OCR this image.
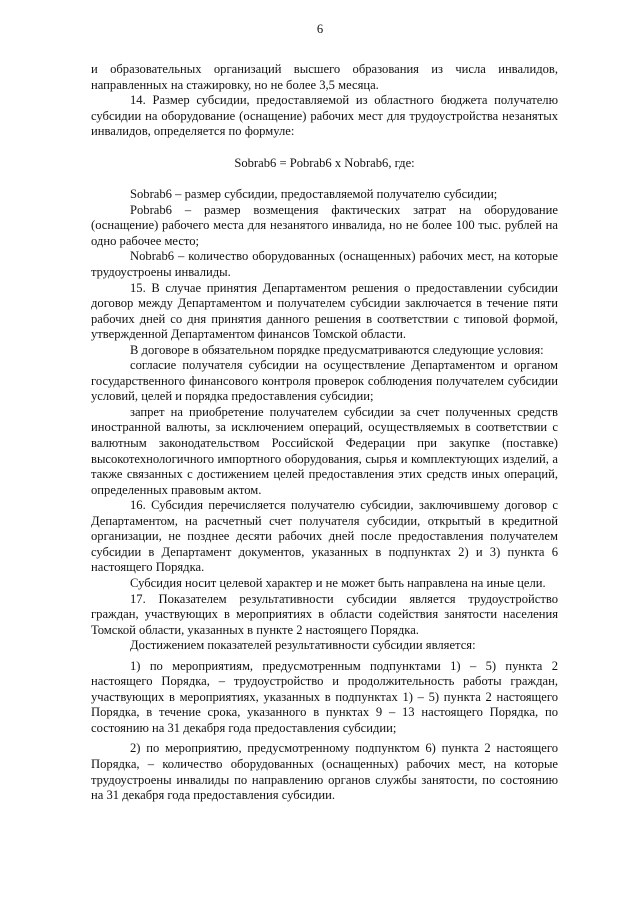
6

и образовательных организаций высшего образования из числа инвалидов, направленных на стажировку, но не более 3,5 месяца.

14. Размер субсидии, предоставляемой из областного бюджета получателю субсидии на оборудование (оснащение) рабочих мест для трудоустройства незанятых инвалидов, определяется по формуле:

Sobrab6 = Pobrab6 x Nobrab6, где:

Sobrab6 – размер субсидии, предоставляемой получателю субсидии;

Pobrab6 – размер возмещения фактических затрат на оборудование (оснащение) рабочего места для незанятого инвалида, но не более 100 тыс. рублей на одно рабочее место;

Nobrab6 – количество оборудованных (оснащенных) рабочих мест, на которые трудоустроены инвалиды.

15. В случае принятия Департаментом решения о предоставлении субсидии договор между Департаментом и получателем субсидии заключается в течение пяти рабочих дней со дня принятия данного решения в соответствии с типовой формой, утвержденной Департаментом финансов Томской области.

В договоре в обязательном порядке предусматриваются следующие условия:

согласие получателя субсидии на осуществление Департаментом и органом государственного финансового контроля проверок соблюдения получателем субсидии условий, целей и порядка предоставления субсидии;

запрет на приобретение получателем субсидии за счет полученных средств иностранной валюты, за исключением операций, осуществляемых в соответствии с валютным законодательством Российской Федерации при закупке (поставке) высокотехнологичного импортного оборудования, сырья и комплектующих изделий, а также связанных с достижением целей предоставления этих средств иных операций, определенных правовым актом.

16. Субсидия перечисляется получателю субсидии, заключившему договор с Департаментом, на расчетный счет получателя субсидии, открытый в кредитной организации, не позднее десяти рабочих дней после предоставления получателем субсидии в Департамент документов, указанных в подпунктах 2) и 3) пункта 6 настоящего Порядка.

Субсидия носит целевой характер и не может быть направлена на иные цели.

17. Показателем результативности субсидии является трудоустройство граждан, участвующих в мероприятиях в области содействия занятости населения Томской области, указанных в пункте 2 настоящего Порядка.

Достижением показателей результативности субсидии является:

1) по мероприятиям, предусмотренным подпунктами 1) – 5) пункта 2 настоящего Порядка, – трудоустройство и продолжительность работы граждан, участвующих в мероприятиях, указанных в подпунктах 1) – 5) пункта 2 настоящего Порядка, в течение срока, указанного в пунктах 9 – 13 настоящего Порядка, по состоянию на 31 декабря года предоставления субсидии;

2) по мероприятию, предусмотренному подпунктом 6) пункта 2 настоящего Порядка, – количество оборудованных (оснащенных) рабочих мест, на которые трудоустроены инвалиды по направлению органов службы занятости, по состоянию на 31 декабря года предоставления субсидии.
